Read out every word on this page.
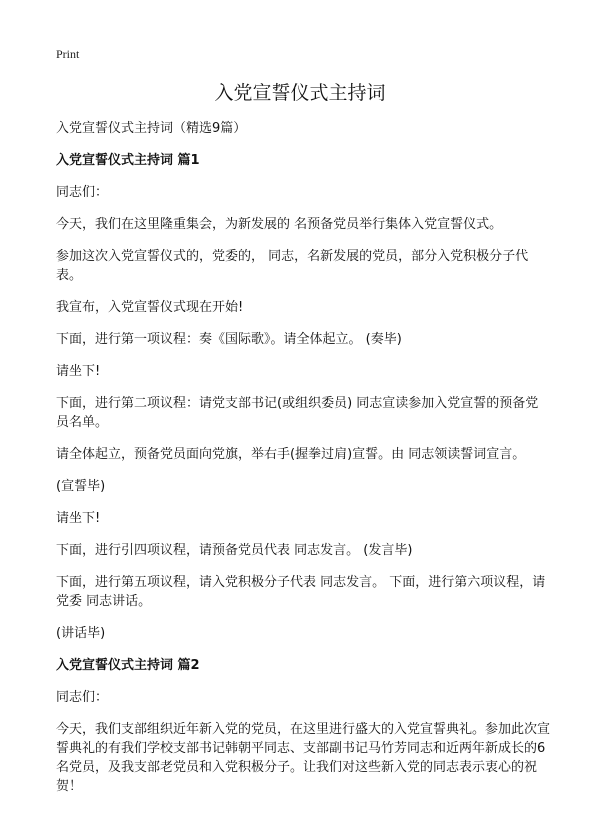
Print
入党宣誓仪式主持词

入党宣誓仪式主持词（精选9篇）

入党宣誓仪式主持词 篇1

同志们：

今天，我们在这里隆重集会，为新发展的 名预备党员举行集体入党宣誓仪式。

参加这次入党宣誓仪式的，党委的， 同志，名新发展的党员，部分入党积极分子代表。

我宣布，入党宣誓仪式现在开始!

下面，进行第一项议程：奏《国际歌》。请全体起立。 (奏毕)

请坐下!

下面，进行第二项议程：请党支部书记(或组织委员) 同志宣读参加入党宣誓的预备党员名单。

请全体起立，预备党员面向党旗，举右手(握拳过肩)宣誓。由 同志领读誓词宣言。

(宣誓毕)

请坐下!

下面，进行引四项议程，请预备党员代表 同志发言。 (发言毕)

下面，进行第五项议程，请入党积极分子代表 同志发言。 下面，进行第六项议程，请党委 同志讲话。

(讲话毕)

入党宣誓仪式主持词 篇2

同志们：

今天，我们支部组织近年新入党的党员，在这里进行盛大的入党宣誓典礼。参加此次宣誓典礼的有我们学校支部书记韩朝平同志、支部副书记马竹芳同志和近两年新成长的6名党员，及我支部老党员和入党积极分子。让我们对这些新入党的同志表示衷心的祝贺！
